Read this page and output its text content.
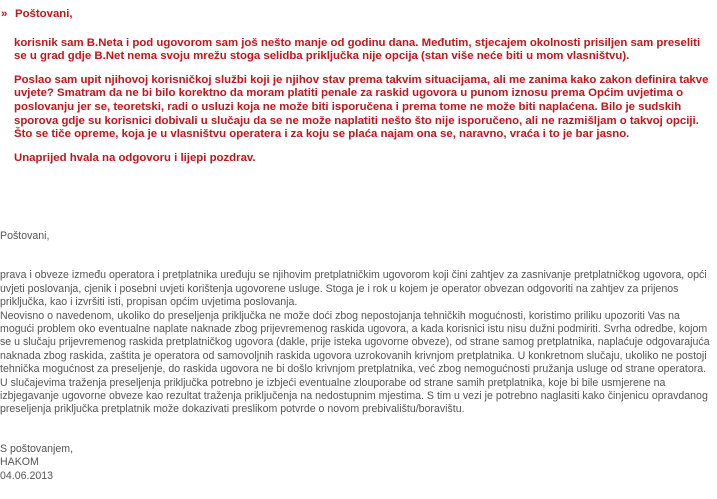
» Poštovani,

korisnik sam B.Neta i pod ugovorom sam još nešto manje od godinu dana. Međutim, stjecajem okolnosti prisiljen sam preseliti se u grad gdje B.Net nema svoju mrežu stoga selidba priključka nije opcija (stan više neće biti u mom vlasništvu).

Poslao sam upit njihovoj korisničkoj službi koji je njihov stav prema takvim situacijama, ali me zanima kako zakon definira takve uvjete? Smatram da ne bi bilo korektno da moram platiti penale za raskid ugovora u punom iznosu prema Općim uvjetima o poslovanju jer se, teoretski, radi o usluzi koja ne može biti isporučena i prema tome ne može biti naplaćena. Bilo je sudskih sporova gdje su korisnici dobivali u slučaju da se ne može naplatiti nešto što nije isporučeno, ali ne razmišljam o takvoj opciji. Što se tiče opreme, koja je u vlasništvu operatera i za koju se plaća najam ona se, naravno, vraća i to je bar jasno.

Unaprijed hvala na odgovoru i lijepi pozdrav.

Poštovani,

prava i obveze između operatora i pretplatnika uređuju se njihovim pretplatničkim ugovorom koji čini zahtjev za zasnivanje pretplatničkog ugovora, opći uvjeti poslovanja, cjenik i posebni uvjeti korištenja ugovorene usluge. Stoga je i rok u kojem je operator obvezan odgovoriti na zahtjev za prijenos priključka, kao i izvršiti isti, propisan općim uvjetima poslovanja.

Neovisno o navedenom, ukoliko do preseljenja priključka ne može doći zbog nepostojanja tehničkih mogućnosti, koristimo priliku upozoriti Vas na mogući problem oko eventualne naplate naknade zbog prijevremenog raskida ugovora, a kada korisnici istu nisu dužni podmiriti. Svrha odredbe, kojom se u slučaju prijevremenog raskida pretplatničkog ugovora (dakle, prije isteka ugovorne obveze), od strane samog pretplatnika, naplaćuje odgovarajuća naknada zbog raskida, zaštita je operatora od samovoljnih raskida ugovora uzrokovanih krivnjom pretplatnika. U konkretnom slučaju, ukoliko ne postoji tehnička mogućnost za preseljenje, do raskida ugovora ne bi došlo krivnjom pretplatnika, već zbog nemogućnosti pružanja usluge od strane operatora. U slučajevima traženja preseljenja priključka potrebno je izbjeći eventualne zlouporabe od strane samih pretplatnika, koje bi bile usmjerene na izbjegavanje ugovorne obveze kao rezultat traženja priključenja na nedostupnim mjestima. S tim u vezi je potrebno naglasiti kako činjenicu opravdanog preseljenja priključka pretplatnik može dokazivati preslikom potvrde o novom prebivalištu/boravištu.

S poštovanjem,

HAKOM

04.06.2013
